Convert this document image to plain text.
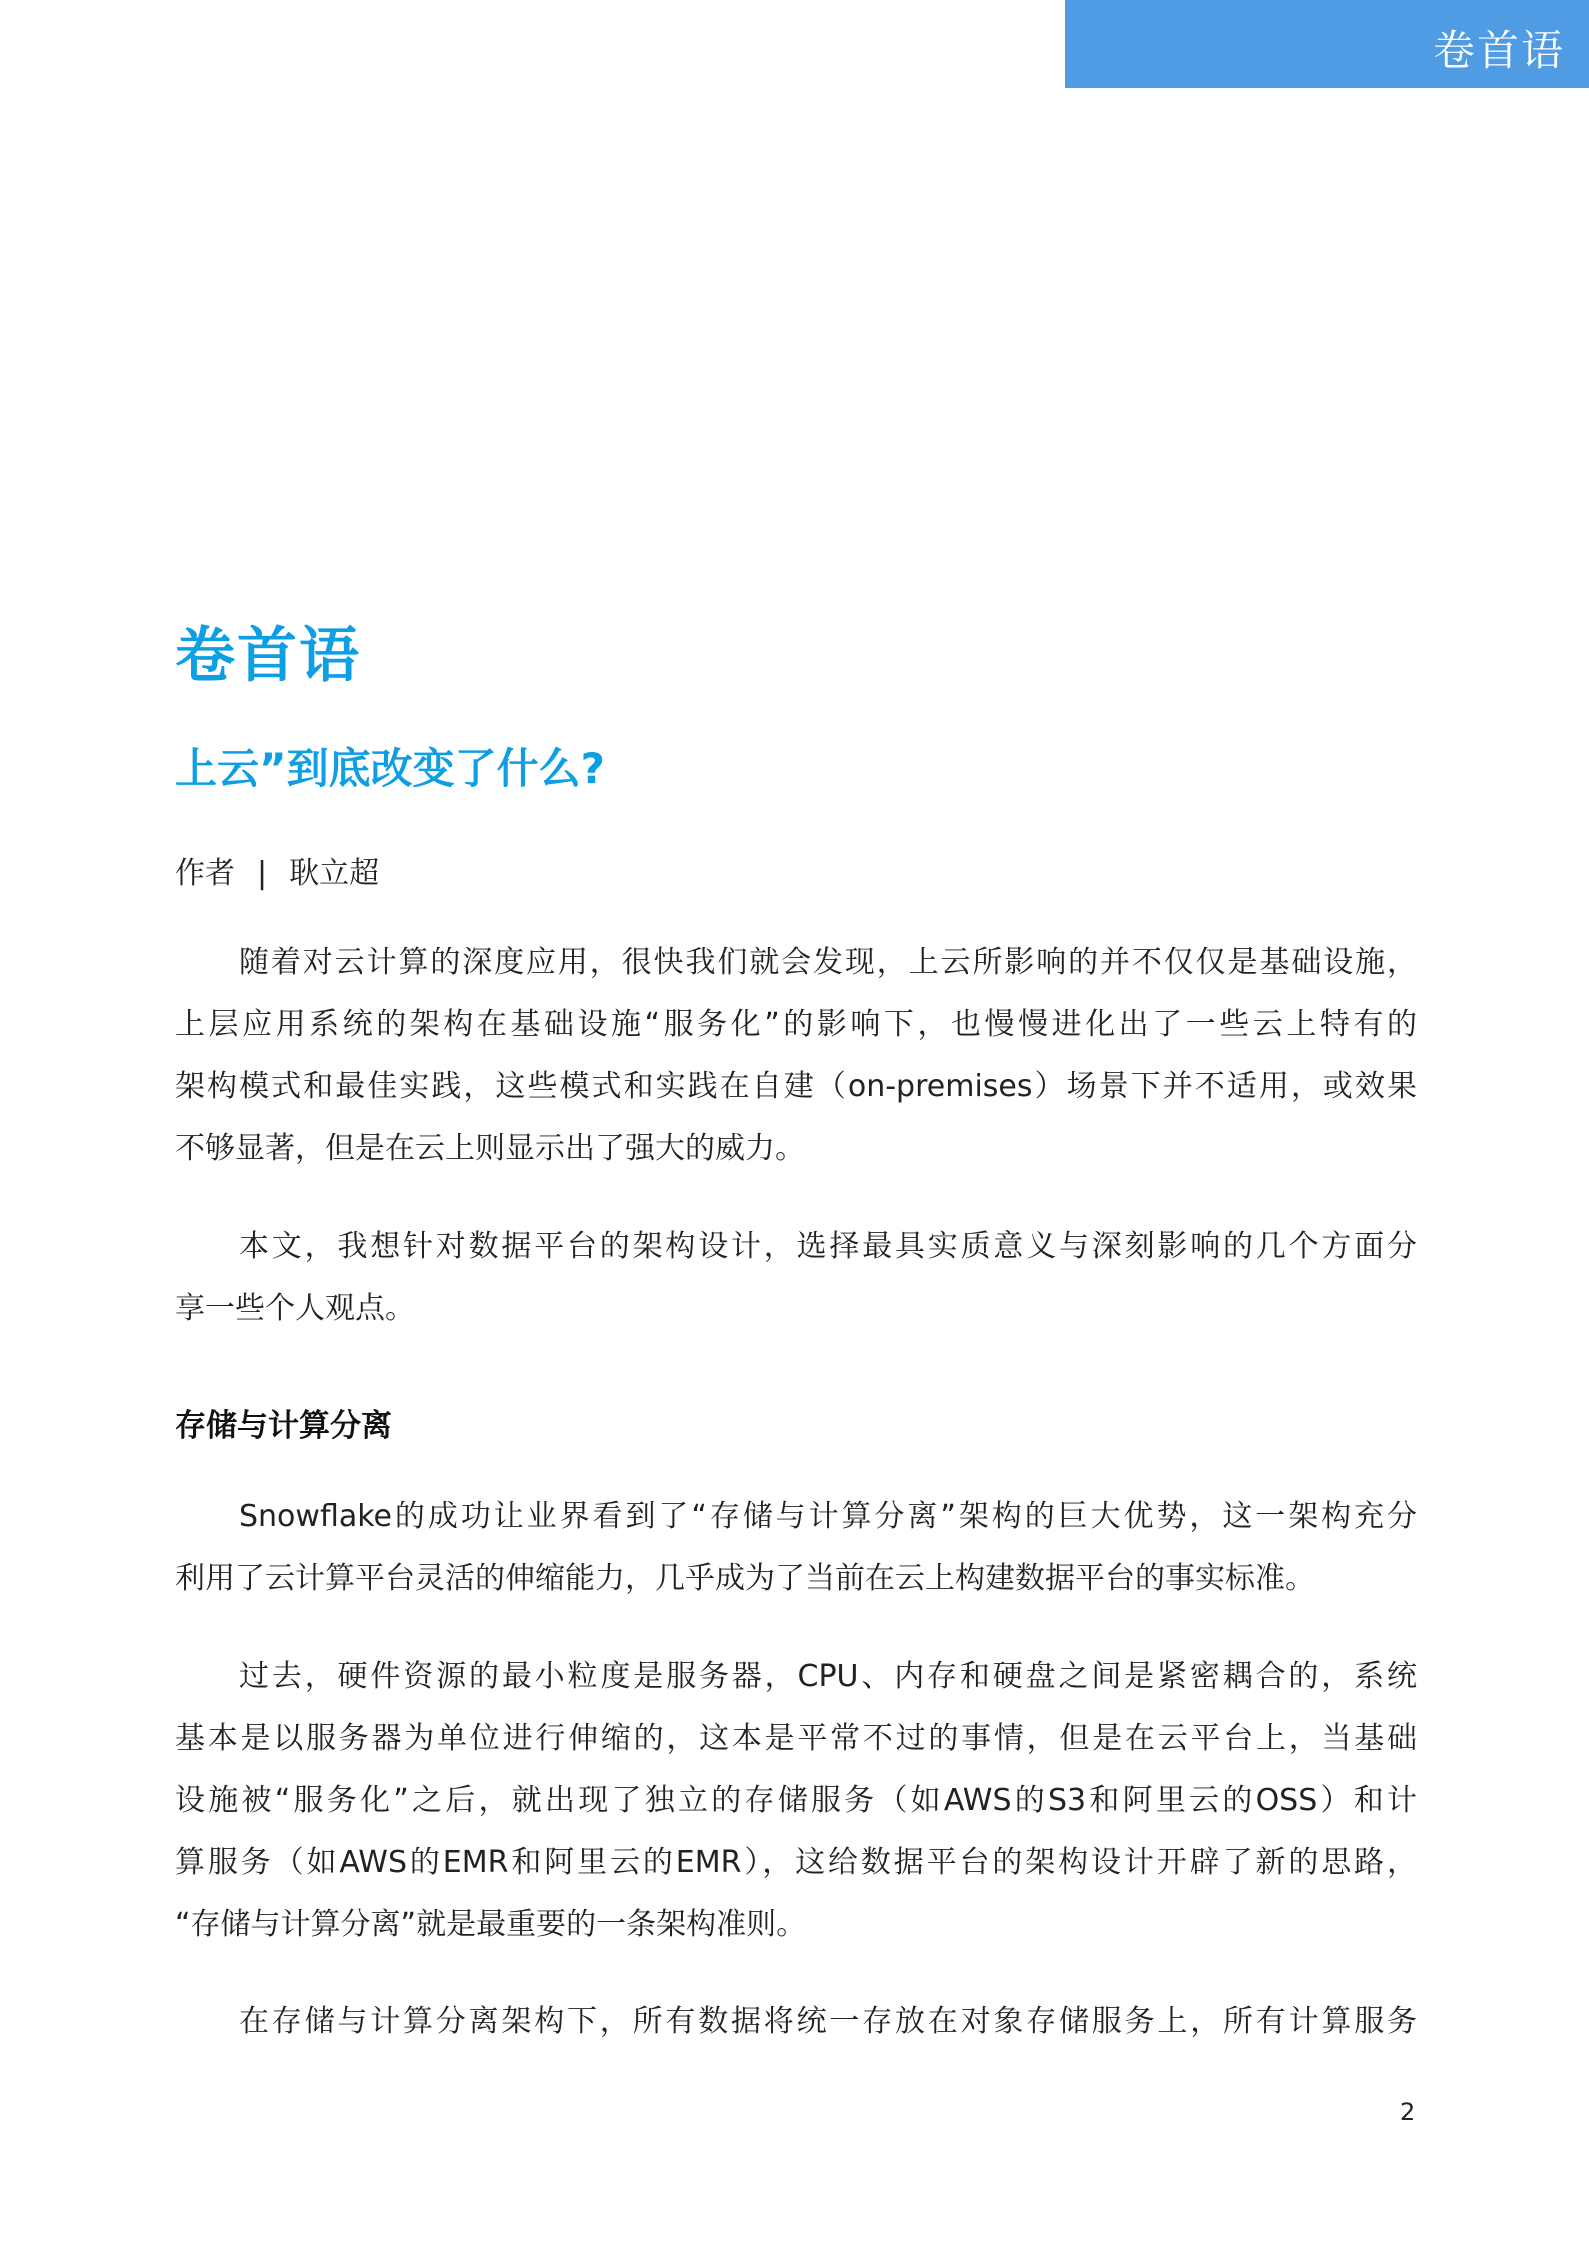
卷首语
卷首语
上云”到底改变了什么?
作者 | 耿立超
随着对云计算的深度应用，很快我们就会发现，上云所影响的并不仅仅是基础设施，
上层应用系统的架构在基础设施“服务化”的影响下，也慢慢进化出了一些云上特有的
架构模式和最佳实践，这些模式和实践在自建（on-premises）场景下并不适用，或效果
不够显著，但是在云上则显示出了强大的威力。
本文，我想针对数据平台的架构设计，选择最具实质意义与深刻影响的几个方面分
享一些个人观点。
存储与计算分离
Snowflake的成功让业界看到了“存储与计算分离”架构的巨大优势，这一架构充分
利用了云计算平台灵活的伸缩能力，几乎成为了当前在云上构建数据平台的事实标准。
过去，硬件资源的最小粒度是服务器，CPU、内存和硬盘之间是紧密耦合的，系统
基本是以服务器为单位进行伸缩的，这本是平常不过的事情，但是在云平台上，当基础
设施被“服务化”之后，就出现了独立的存储服务（如AWS的S3和阿里云的OSS）和计
算服务（如AWS的EMR和阿里云的EMR），这给数据平台的架构设计开辟了新的思路，
“存储与计算分离”就是最重要的一条架构准则。
在存储与计算分离架构下，所有数据将统一存放在对象存储服务上，所有计算服务
2
